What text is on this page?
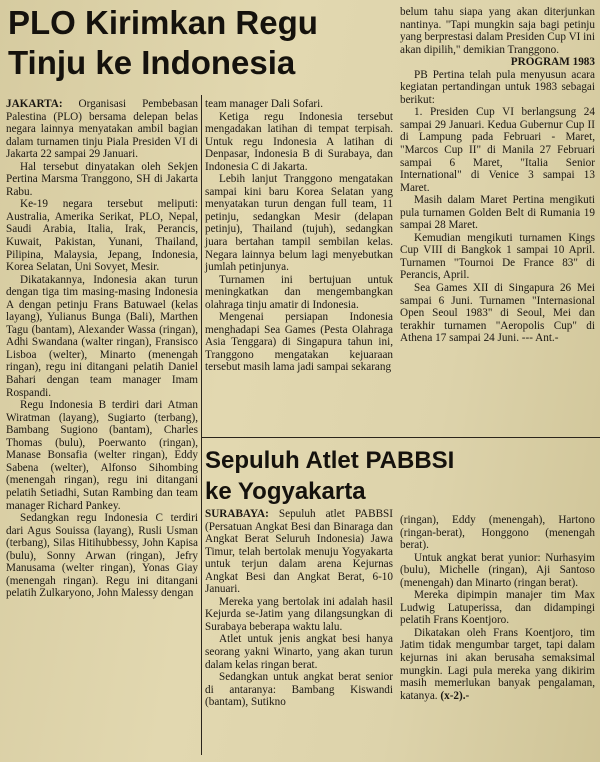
PLO Kirimkan Regu
Tinju ke Indonesia

JAKARTA: Organisasi Pembebasan Palestina (PLO) bersama delepan belas negara lainnya menyatakan ambil bagian dalam turnamen tinju Piala Presiden VI di Jakarta 22 sampai 29 Januari.

Hal tersebut dinyatakan oleh Sekjen Pertina Marsma Tranggono, SH di Jakarta Rabu.

Ke-19 negara tersebut meliputi: Australia, Amerika Serikat, PLO, Nepal, Saudi Arabia, Italia, Irak, Perancis, Kuwait, Pakistan, Yunani, Thailand, Pilipina, Malaysia, Jepang, Indonesia, Korea Selatan, Uni Sovyet, Mesir.

Dikatakannya, Indonesia akan turun dengan tiga tim masing-masing Indonesia A dengan petinju Frans Batuwael (kelas layang), Yulianus Bunga (Bali), Marthen Tagu (bantam), Alexander Wassa (ringan), Adhi Swandana (walter ringan), Fransisco Lisboa (welter), Minarto (menengah ringan), regu ini ditangani pelatih Daniel Bahari dengan team manager Imam Rospandi.

Regu Indonesia B terdiri dari Atman Wiratman (layang), Sugiarto (terbang), Bambang Sugiono (bantam), Charles Thomas (bulu), Poerwanto (ringan), Manase Bonsafia (welter ringan), Eddy Sabena (welter), Alfonso Sihombing (menengah ringan), regu ini ditangani pelatih Setiadhi, Sutan Rambing dan team manager Richard Pankey.

Sedangkan regu Indonesia C terdiri dari Agus Souissa (layang), Rusli Usman (terbang), Silas Hitihubbessy, John Kapisa (bulu), Sonny Arwan (ringan), Jefry Manusama (welter ringan), Yonas Giay (menengah ringan). Regu ini ditangani pelatih Zulkaryono, John Malessy dengan

team manager Dali Sofari.

Ketiga regu Indonesia tersebut mengadakan latihan di tempat terpisah. Untuk regu Indonesia A latihan di Denpasar, Indonesia B di Surabaya, dan Indonesia C di Jakarta.

Lebih lanjut Tranggono mengatakan sampai kini baru Korea Selatan yang menyatakan turun dengan full team, 11 petinju, sedangkan Mesir (delapan petinju), Thailand (tujuh), sedangkan juara bertahan tampil sembilan kelas. Negara lainnya belum lagi menyebutkan jumlah petinjunya.

Turnamen ini bertujuan untuk meningkatkan dan mengembangkan olahraga tinju amatir di Indonesia.

Mengenai persiapan Indonesia menghadapi Sea Games (Pesta Olahraga Asia Tenggara) di Singapura tahun ini, Tranggono mengatakan kejuaraan tersebut masih lama jadi sampai sekarang

belum tahu siapa yang akan diterjunkan nantinya. "Tapi mungkin saja bagi petinju yang berprestasi dalam Presiden Cup VI ini akan dipilih," demikian Tranggono.

PROGRAM 1983

PB Pertina telah pula menyusun acara kegiatan pertandingan untuk 1983 sebagai berikut:

1. Presiden Cup VI berlangsung 24 sampai 29 Januari. Kedua Gubernur Cup II di Lampung pada Februari - Maret, "Marcos Cup II" di Manila 27 Februari sampai 6 Maret, "Italia Senior International" di Venice 3 sampai 13 Maret.

Masih dalam Maret Pertina mengikuti pula turnamen Golden Belt di Rumania 19 sampai 28 Maret.

Kemudian mengikuti turnamen Kings Cup VIII di Bangkok 1 sampai 10 April. Turnamen "Tournoi De France 83" di Perancis, April.

Sea Games XII di Singapura 26 Mei sampai 6 Juni. Turnamen "Internasional Open Seoul 1983" di Seoul, Mei dan terakhir turnamen "Aeropolis Cup" di Athena 17 sampai 24 Juni. --- Ant.-

Sepuluh Atlet PABBSI
ke Yogyakarta

SURABAYA: Sepuluh atlet PABBSI (Persatuan Angkat Besi dan Binaraga dan Angkat Berat Seluruh Indonesia) Jawa Timur, telah bertolak menuju Yogyakarta untuk terjun dalam arena Kejurnas Angkat Besi dan Angkat Berat, 6-10 Januari.

Mereka yang bertolak ini adalah hasil Kejurda se-Jatim yang dilangsungkan di Surabaya beberapa waktu lalu.

Atlet untuk jenis angkat besi hanya seorang yakni Winarto, yang akan turun dalam kelas ringan berat.

Sedangkan untuk angkat berat senior di antaranya: Bambang Kiswandi (bantam), Sutikno

(ringan), Eddy (menengah), Hartono (ringan-berat), Honggono (menengah berat).

Untuk angkat berat yunior: Nurhasyim (bulu), Michelle (ringan), Aji Santoso (menengah) dan Minarto (ringan berat).

Mereka dipimpin manajer tim Max Ludwig Latuperissa, dan didampingi pelatih Frans Koentjoro.

Dikatakan oleh Frans Koentjoro, tim Jatim tidak mengumbar target, tapi dalam kejurnas ini akan berusaha semaksimal mungkin. Lagi pula mereka yang dikirim masih memerlukan banyak pengalaman, katanya. (x-2).-
